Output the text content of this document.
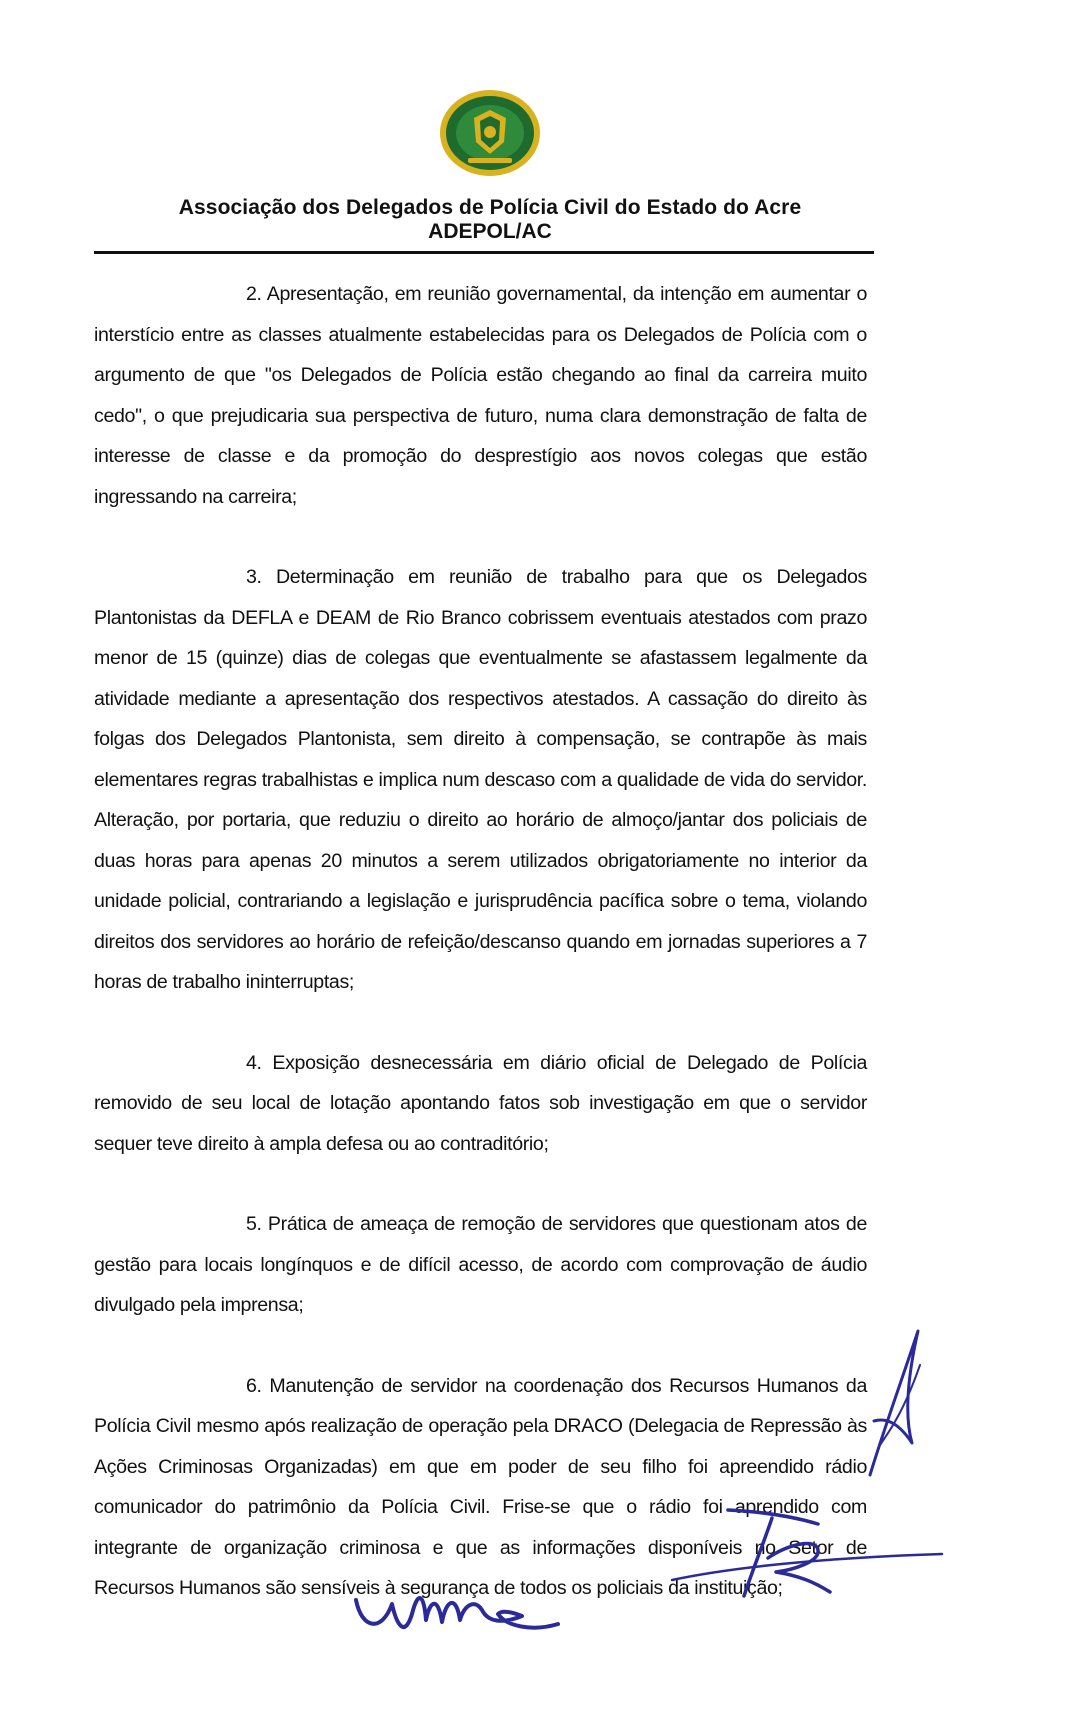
Associação dos Delegados de Polícia Civil do Estado do Acre
ADEPOL/AC

2. Apresentação, em reunião governamental, da intenção em aumentar o interstício entre as classes atualmente estabelecidas para os Delegados de Polícia com o argumento de que "os Delegados de Polícia estão chegando ao final da carreira muito cedo", o que prejudicaria sua perspectiva de futuro, numa clara demonstração de falta de interesse de classe e da promoção do desprestígio aos novos colegas que estão ingressando na carreira;

3. Determinação em reunião de trabalho para que os Delegados Plantonistas da DEFLA e DEAM de Rio Branco cobrissem eventuais atestados com prazo menor de 15 (quinze) dias de colegas que eventualmente se afastassem legalmente da atividade mediante a apresentação dos respectivos atestados. A cassação do direito às folgas dos Delegados Plantonista, sem direito à compensação, se contrapõe às mais elementares regras trabalhistas e implica num descaso com a qualidade de vida do servidor. Alteração, por portaria, que reduziu o direito ao horário de almoço/jantar dos policiais de duas horas para apenas 20 minutos a serem utilizados obrigatoriamente no interior da unidade policial, contrariando a legislação e jurisprudência pacífica sobre o tema, violando direitos dos servidores ao horário de refeição/descanso quando em jornadas superiores a 7 horas de trabalho ininterruptas;

4. Exposição desnecessária em diário oficial de Delegado de Polícia removido de seu local de lotação apontando fatos sob investigação em que o servidor sequer teve direito à ampla defesa ou ao contraditório;

5. Prática de ameaça de remoção de servidores que questionam atos de gestão para locais longínquos e de difícil acesso, de acordo com comprovação de áudio divulgado pela imprensa;

6. Manutenção de servidor na coordenação dos Recursos Humanos da Polícia Civil mesmo após realização de operação pela DRACO (Delegacia de Repressão às Ações Criminosas Organizadas) em que em poder de seu filho foi apreendido rádio comunicador do patrimônio da Polícia Civil. Frise-se que o rádio foi aprendido com integrante de organização criminosa e que as informações disponíveis no Setor de Recursos Humanos são sensíveis à segurança de todos os policiais da instituição;
